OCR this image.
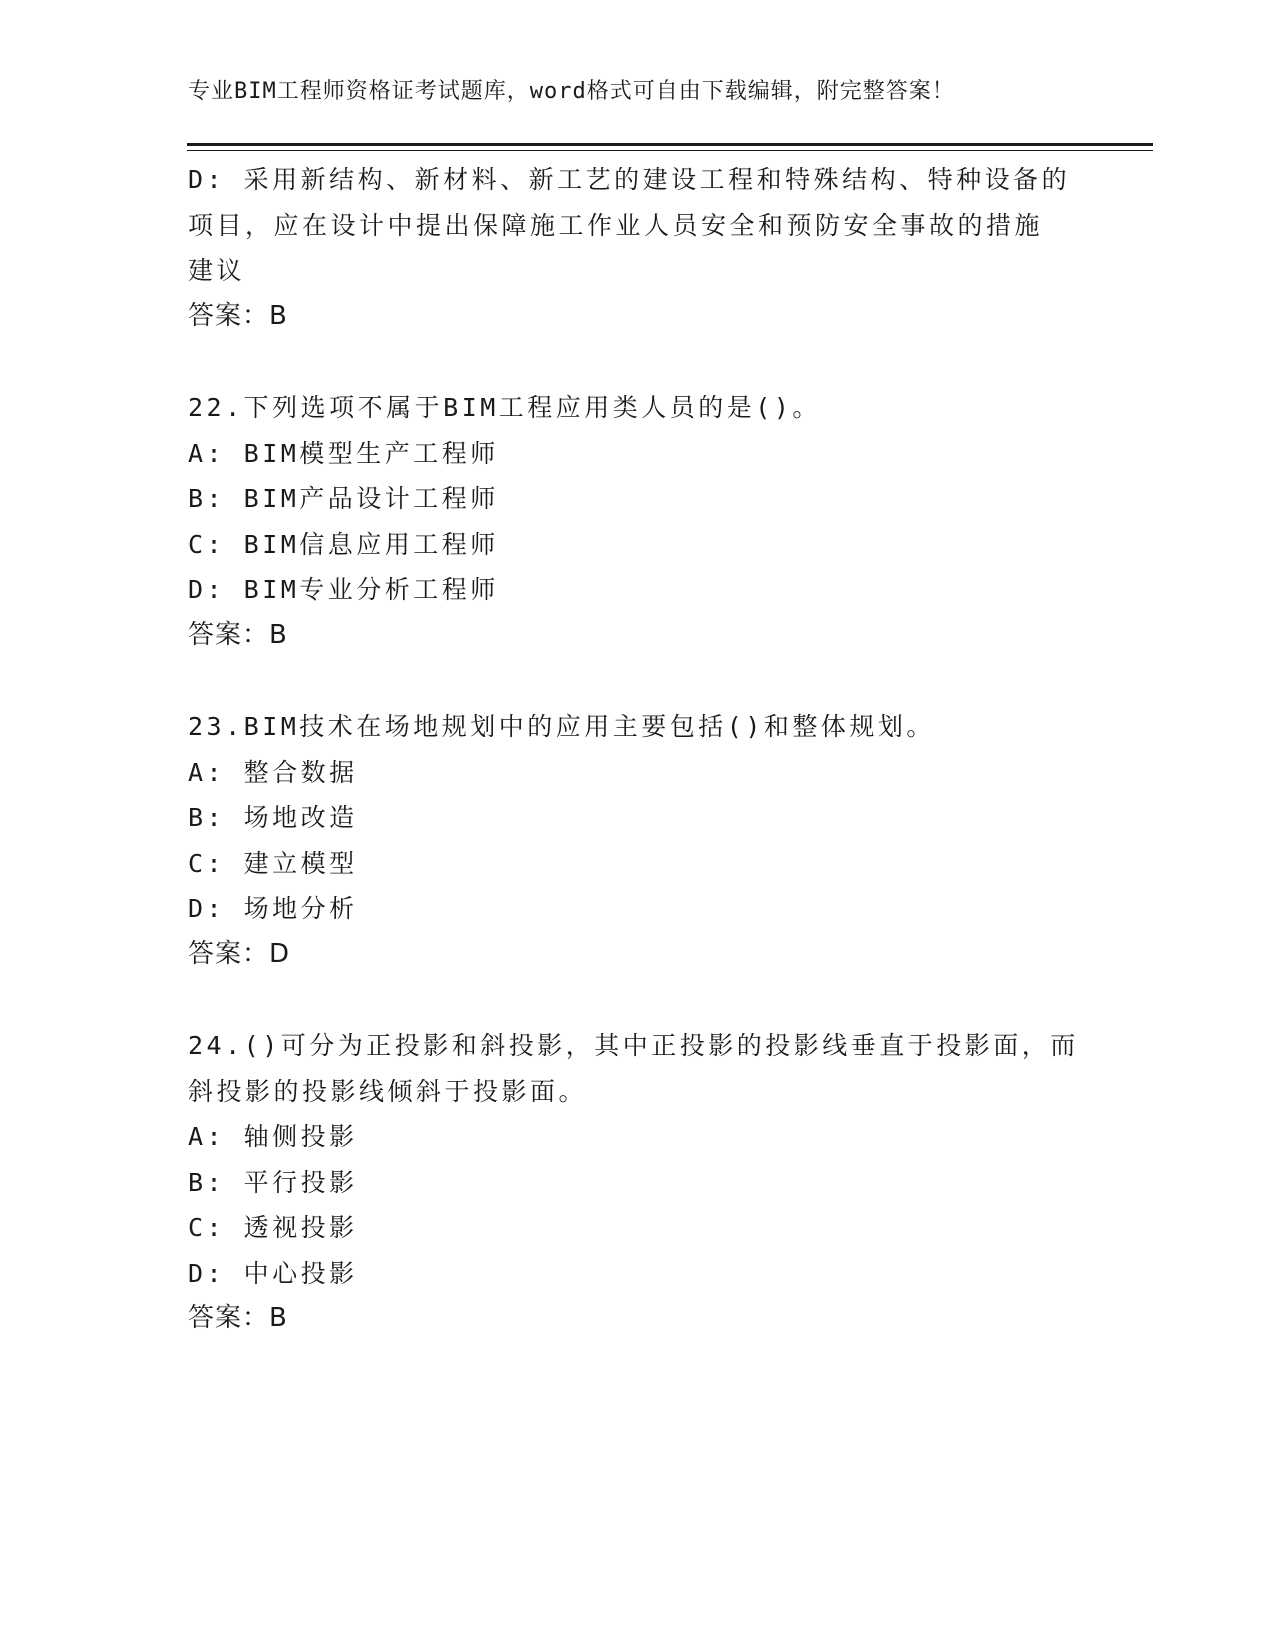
专业BIM工程师资格证考试题库，word格式可自由下载编辑，附完整答案！
D: 采用新结构、新材料、新工艺的建设工程和特殊结构、特种设备的
项目，应在设计中提出保障施工作业人员安全和预防安全事故的措施
建议
答案：B
22.下列选项不属于BIM工程应用类人员的是()。
A: BIM模型生产工程师
B: BIM产品设计工程师
C: BIM信息应用工程师
D: BIM专业分析工程师
答案：B
23.BIM技术在场地规划中的应用主要包括()和整体规划。
A: 整合数据
B: 场地改造
C: 建立模型
D: 场地分析
答案：D
24.()可分为正投影和斜投影，其中正投影的投影线垂直于投影面，而
斜投影的投影线倾斜于投影面。
A: 轴侧投影
B: 平行投影
C: 透视投影
D: 中心投影
答案：B
